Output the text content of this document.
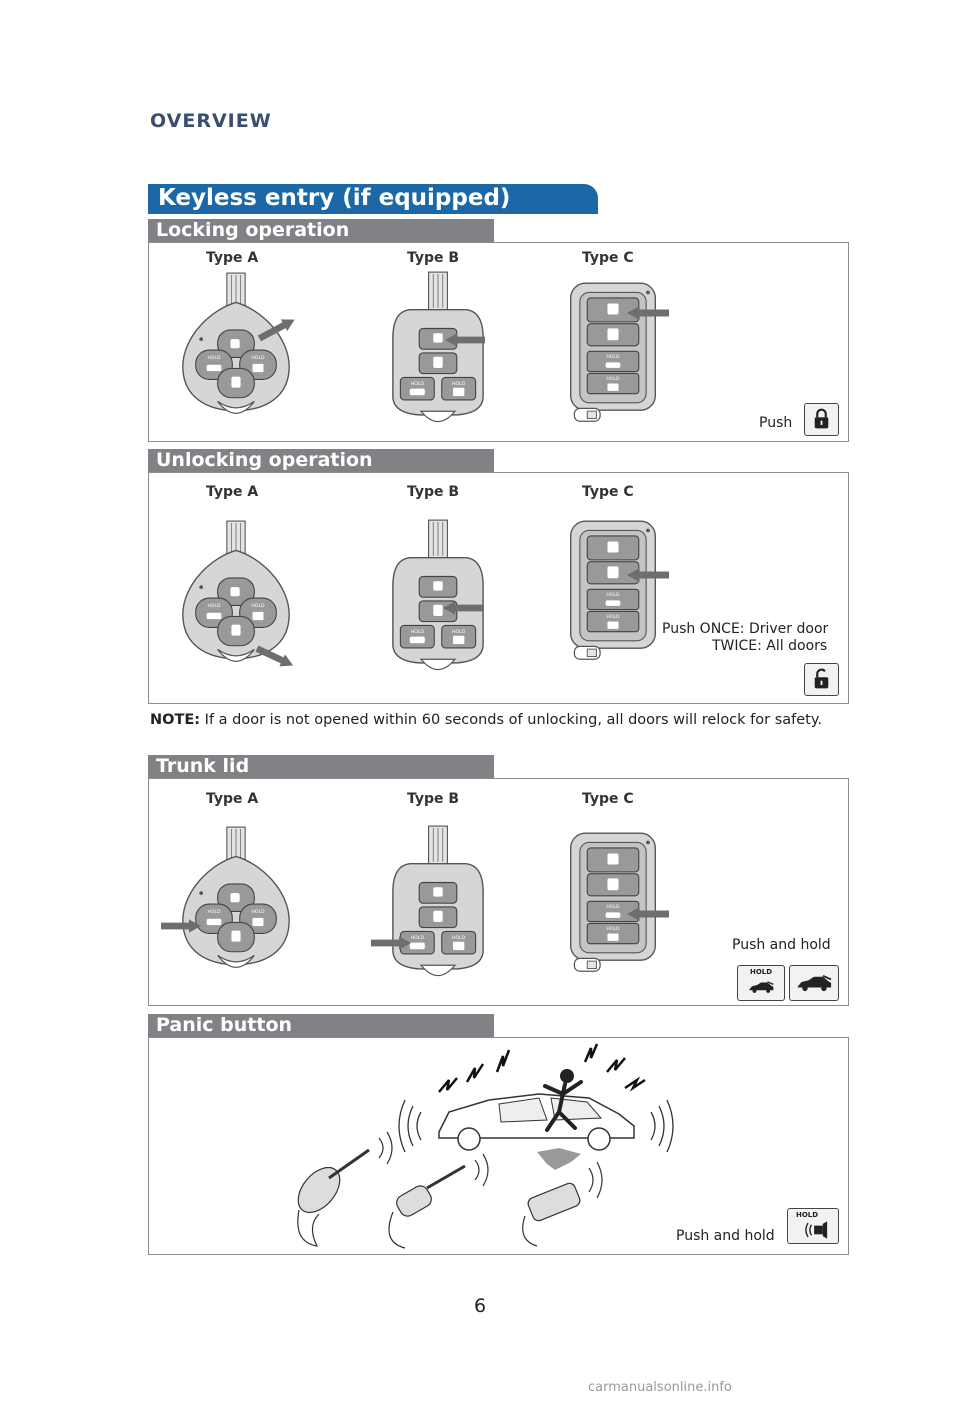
OVERVIEW
Keyless entry (if equipped)
Locking operation
Type A	Type B	Type C
Push
Unlocking operation
Type A	Type B	Type C
Push ONCE: Driver door
TWICE: All doors
NOTE: If a door is not opened within 60 seconds of unlocking, all doors will relock for safety.
Trunk lid
Type A	Type B	Type C
Push and hold
HOLD
Panic button
Push and hold
HOLD
6
carmanualsonline.info
